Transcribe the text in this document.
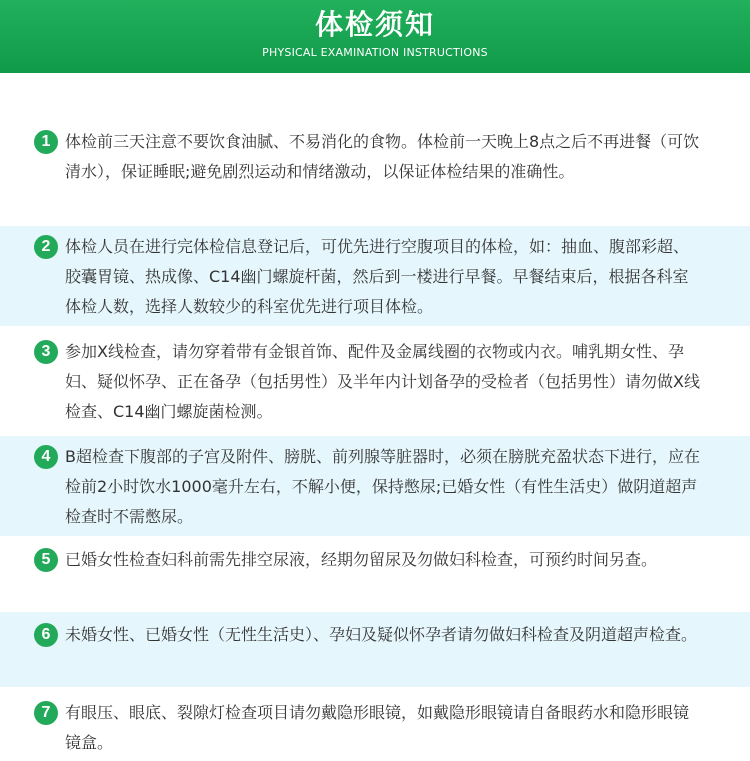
体检须知
PHYSICAL EXAMINATION INSTRUCTIONS
1 体检前三天注意不要饮食油腻、不易消化的食物。体检前一天晚上8点之后不再进餐（可饮清水），保证睡眠;避免剧烈运动和情绪激动，以保证体检结果的准确性。
2 体检人员在进行完体检信息登记后，可优先进行空腹项目的体检，如：抽血、腹部彩超、胶囊胃镜、热成像、C14幽门螺旋杆菌，然后到一楼进行早餐。早餐结束后，根据各科室体检人数，选择人数较少的科室优先进行项目体检。
3 参加X线检查，请勿穿着带有金银首饰、配件及金属线圈的衣物或内衣。哺乳期女性、孕妇、疑似怀孕、正在备孕（包括男性）及半年内计划备孕的受检者（包括男性）请勿做X线检查、C14幽门螺旋菌检测。
4 B超检查下腹部的子宫及附件、膀胱、前列腺等脏器时，必须在膀胱充盈状态下进行，应在检前2小时饮水1000毫升左右，不解小便，保持憋尿;已婚女性（有性生活史）做阴道超声检查时不需憋尿。
5 已婚女性检查妇科前需先排空尿液，经期勿留尿及勿做妇科检查，可预约时间另查。
6 未婚女性、已婚女性（无性生活史）、孕妇及疑似怀孕者请勿做妇科检查及阴道超声检查。
7 有眼压、眼底、裂隙灯检查项目请勿戴隐形眼镜，如戴隐形眼镜请自备眼药水和隐形眼镜镜盒。
